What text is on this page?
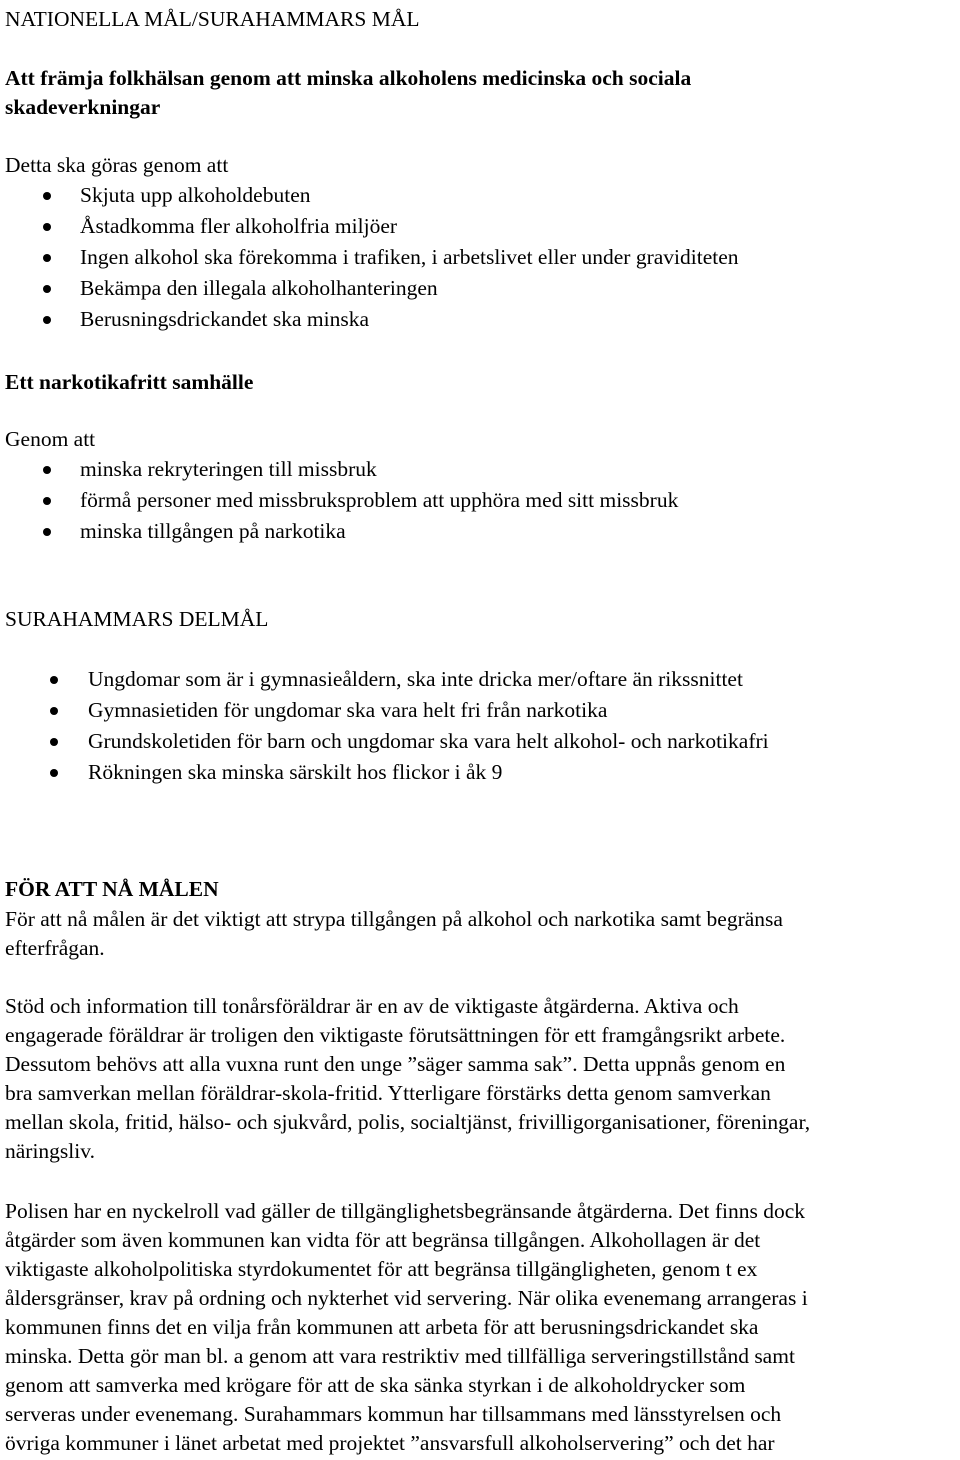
NATIONELLA MÅL/SURAHAMMARS MÅL
Att främja folkhälsan genom att minska alkoholens medicinska och sociala
skadeverkningar
Detta ska göras genom att
Skjuta upp alkoholdebuten
Åstadkomma fler alkoholfria miljöer
Ingen alkohol ska förekomma i trafiken, i arbetslivet eller under graviditeten
Bekämpa den illegala alkoholhanteringen
Berusningsdrickandet ska minska
Ett narkotikafritt samhälle
Genom att
minska rekryteringen till missbruk
förmå personer med missbruksproblem att upphöra med sitt missbruk
minska tillgången på narkotika
SURAHAMMARS DELMÅL
Ungdomar som är i gymnasieåldern, ska inte dricka mer/oftare än rikssnittet
Gymnasietiden för ungdomar ska vara helt fri från narkotika
Grundskoletiden för barn och ungdomar ska vara helt alkohol- och narkotikafri
Rökningen ska minska särskilt hos flickor i åk 9
FÖR ATT NÅ MÅLEN
För att nå målen är det viktigt att strypa tillgången på alkohol och narkotika samt begränsa
efterfrågan.
Stöd och information till tonårsföräldrar är en av de viktigaste åtgärderna. Aktiva och
engagerade föräldrar är troligen den viktigaste förutsättningen för ett framgångsrikt arbete.
Dessutom behövs att alla vuxna runt den unge ”säger samma sak”. Detta uppnås genom en
bra samverkan mellan föräldrar-skola-fritid. Ytterligare förstärks detta genom samverkan
mellan skola, fritid, hälso- och sjukvård, polis, socialtjänst, frivilligorganisationer, föreningar,
näringsliv.
Polisen har en nyckelroll vad gäller de tillgänglighetsbegränsande åtgärderna. Det finns dock
åtgärder som även kommunen kan vidta för att begränsa tillgången. Alkohollagen är det
viktigaste alkoholpolitiska styrdokumentet för att begränsa tillgängligheten, genom t ex
åldersgränser, krav på ordning och nykterhet vid servering. När olika evenemang arrangeras i
kommunen finns det en vilja från kommunen att arbeta för att berusningsdrickandet ska
minska. Detta gör man bl. a genom att vara restriktiv med tillfälliga serveringstillstånd samt
genom att samverka med krögare för att de ska sänka styrkan i de alkoholdrycker som
serveras under evenemang. Surahammars kommun har tillsammans med länsstyrelsen och
övriga kommuner i länet arbetat med projektet ”ansvarsfull alkoholservering” och det har
